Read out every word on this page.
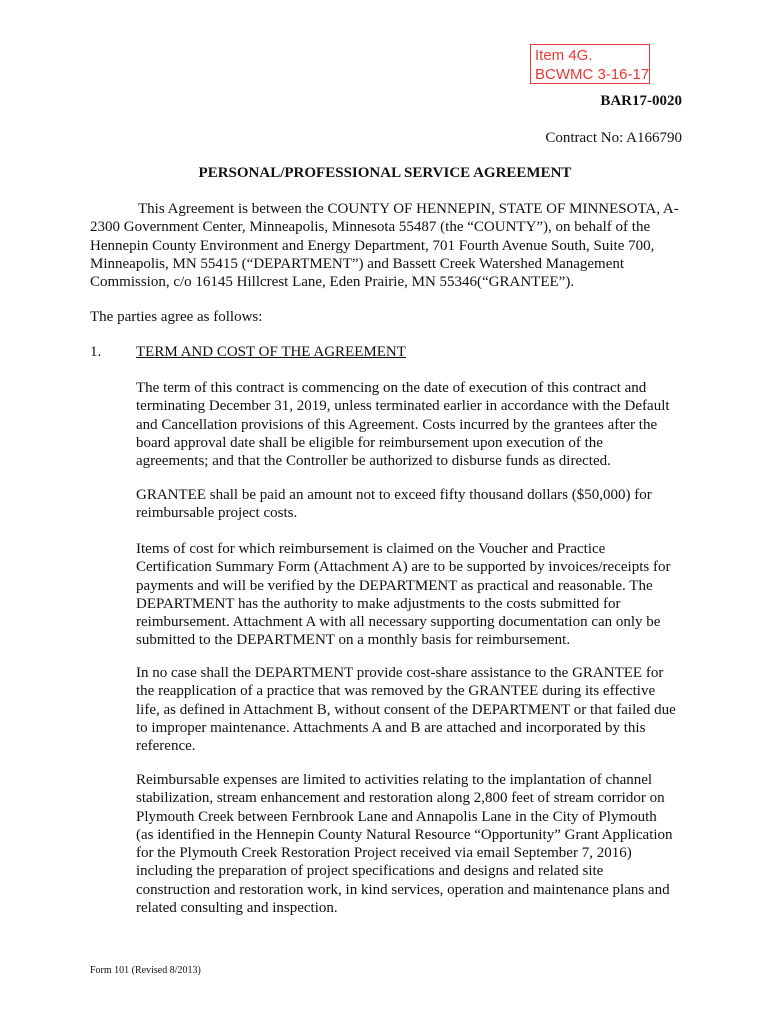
Item 4G.
BCWMC 3-16-17
BAR17-0020
Contract No: A166790
PERSONAL/PROFESSIONAL SERVICE AGREEMENT

This Agreement is between the COUNTY OF HENNEPIN, STATE OF MINNESOTA, A-2300 Government Center, Minneapolis, Minnesota 55487 (the “COUNTY”), on behalf of the Hennepin County Environment and Energy Department, 701 Fourth Avenue South, Suite 700, Minneapolis, MN 55415 (“DEPARTMENT”) and Bassett Creek Watershed Management Commission, c/o 16145 Hillcrest Lane, Eden Prairie, MN 55346(“GRANTEE”).

The parties agree as follows:

1. TERM AND COST OF THE AGREEMENT

The term of this contract is commencing on the date of execution of this contract and terminating December 31, 2019, unless terminated earlier in accordance with the Default and Cancellation provisions of this Agreement. Costs incurred by the grantees after the board approval date shall be eligible for reimbursement upon execution of the agreements; and that the Controller be authorized to disburse funds as directed.

GRANTEE shall be paid an amount not to exceed fifty thousand dollars ($50,000) for reimbursable project costs.

Items of cost for which reimbursement is claimed on the Voucher and Practice Certification Summary Form (Attachment A) are to be supported by invoices/receipts for payments and will be verified by the DEPARTMENT as practical and reasonable. The DEPARTMENT has the authority to make adjustments to the costs submitted for reimbursement. Attachment A with all necessary supporting documentation can only be submitted to the DEPARTMENT on a monthly basis for reimbursement.

In no case shall the DEPARTMENT provide cost-share assistance to the GRANTEE for the reapplication of a practice that was removed by the GRANTEE during its effective life, as defined in Attachment B, without consent of the DEPARTMENT or that failed due to improper maintenance. Attachments A and B are attached and incorporated by this reference.

Reimbursable expenses are limited to activities relating to the implantation of channel stabilization, stream enhancement and restoration along 2,800 feet of stream corridor on Plymouth Creek between Fernbrook Lane and Annapolis Lane in the City of Plymouth (as identified in the Hennepin County Natural Resource “Opportunity” Grant Application for the Plymouth Creek Restoration Project received via email September 7, 2016) including the preparation of project specifications and designs and related site construction and restoration work, in kind services, operation and maintenance plans and related consulting and inspection.

Form 101 (Revised 8/2013)
